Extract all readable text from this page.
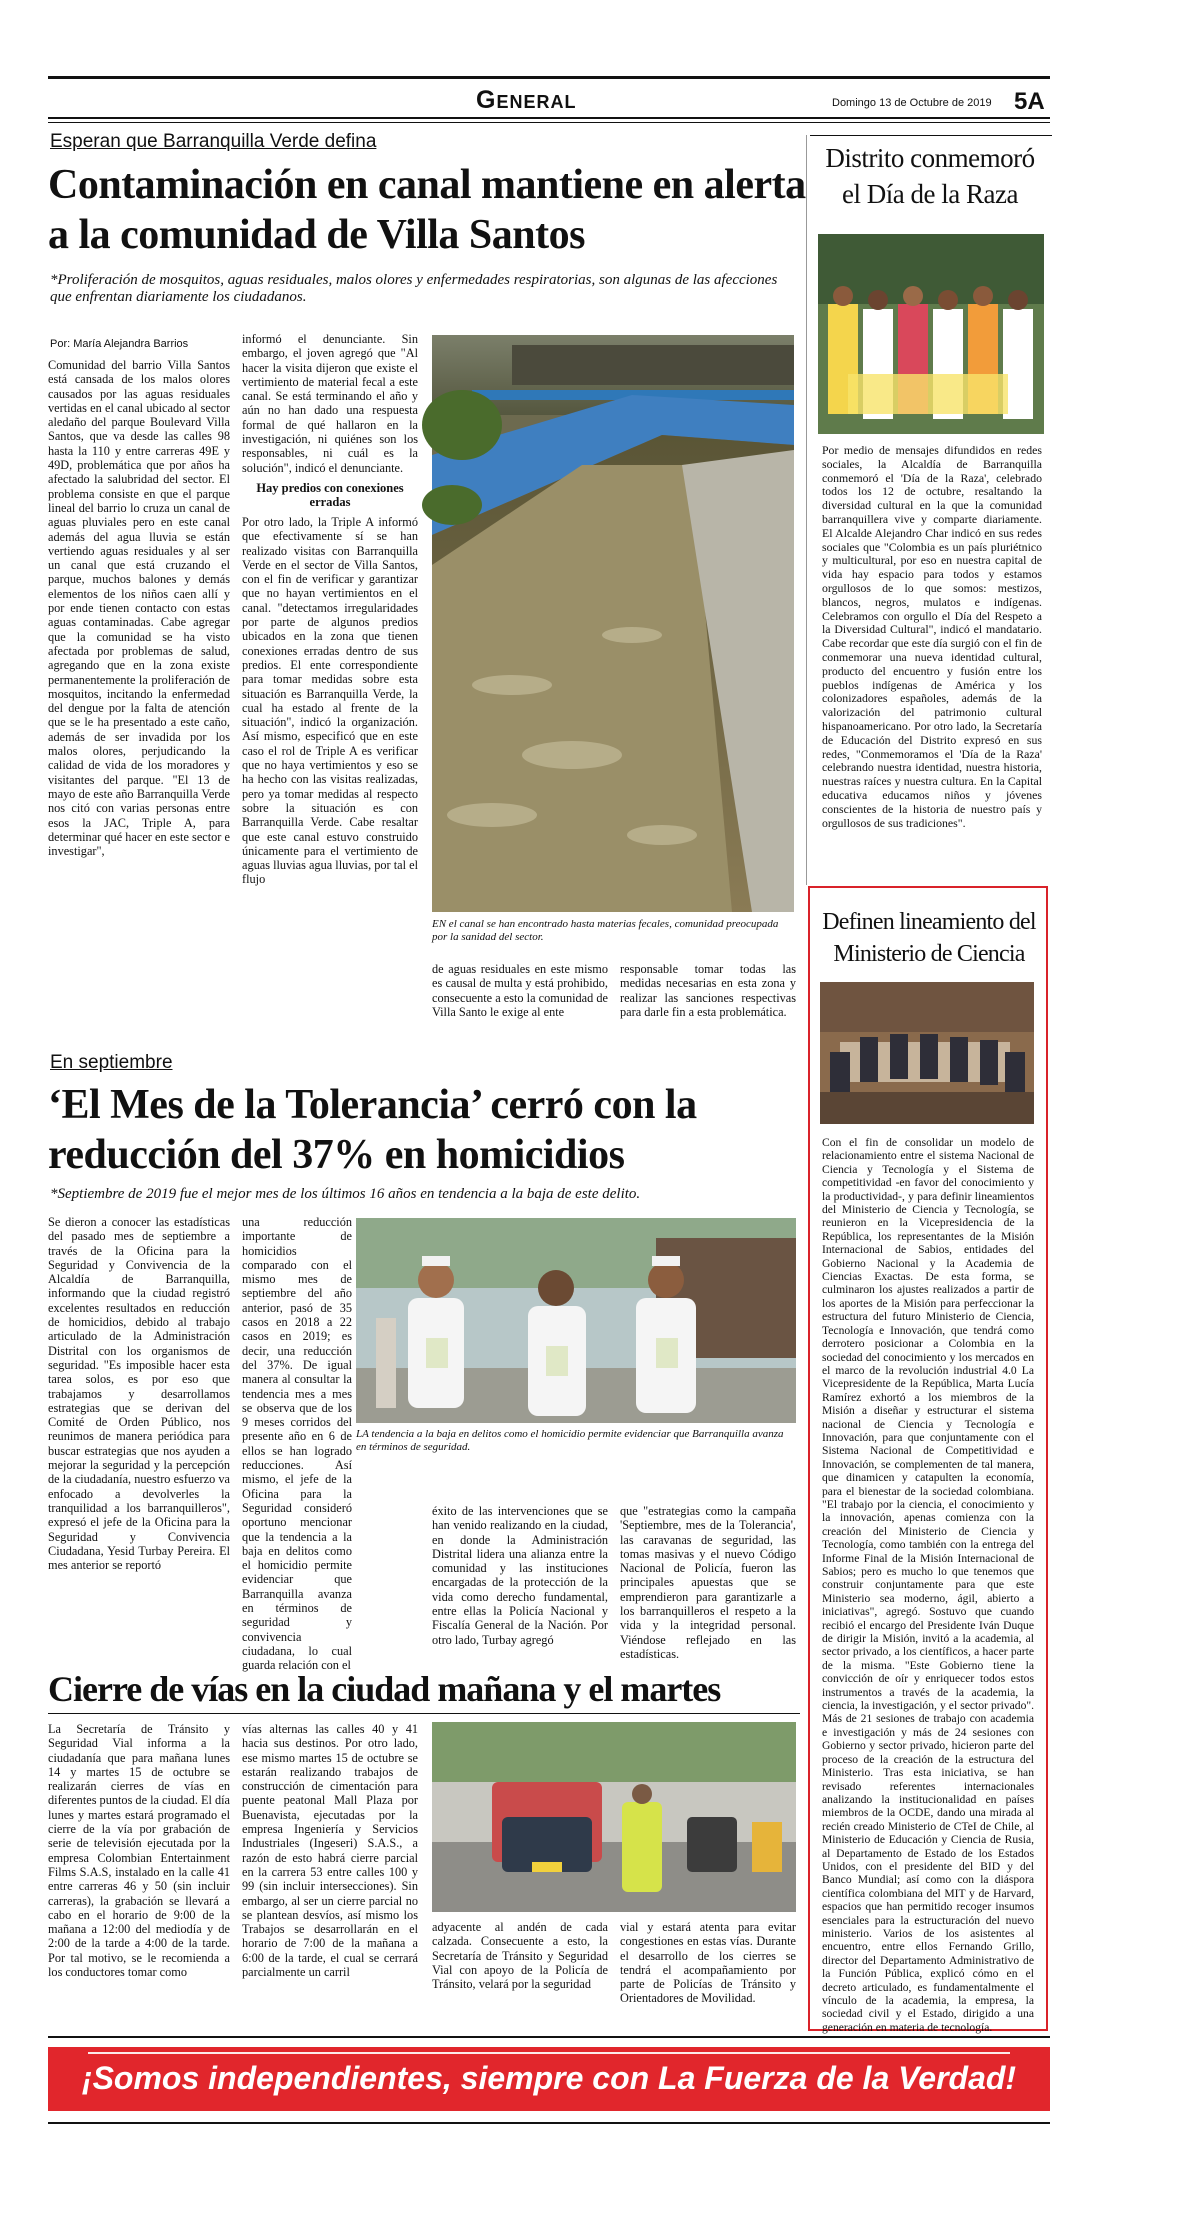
General	Domingo 13 de Octubre de 2019 5A
Esperan que Barranquilla Verde defina
Contaminación en canal mantiene en alerta a la comunidad de Villa Santos
*Proliferación de mosquitos, aguas residuales, malos olores y enfermedades respiratorias, son algunas de las afecciones que enfrentan diariamente los ciudadanos.
Por: María Alejandra Barrios

Comunidad del barrio Villa Santos está cansada de los malos olores causados por las aguas residuales vertidas en el canal ubicado al sector aledaño del parque Boulevard Villa Santos, que va desde las calles 98 hasta la 110 y entre carreras 49E y 49D, problemática que por años ha afectado la salubridad del sector. El problema consiste en que el parque lineal del barrio lo cruza un canal de aguas pluviales pero en este canal además del agua lluvia se están vertiendo aguas residuales y al ser un canal que está cruzando el parque, muchos balones y demás elementos de los niños caen allí y por ende tienen contacto con estas aguas contaminadas. Cabe agregar que la comunidad se ha visto afectada por problemas de salud, agregando que en la zona existe permanentemente la proliferación de mosquitos, incitando la enfermedad del dengue por la falta de atención que se le ha presentado a este caño, además de ser invadida por los malos olores, perjudicando la calidad de vida de los moradores y visitantes del parque. "El 13 de mayo de este año Barranquilla Verde nos citó con varias personas entre esos la JAC, Triple A, para determinar qué hacer en este sector e investigar",

informó el denunciante. Sin embargo, el joven agregó que "Al hacer la visita dijeron que existe el vertimiento de material fecal a este canal. Se está terminando el año y aún no han dado una respuesta formal de qué hallaron en la investigación, ni quiénes son los responsables, ni cuál es la solución", indicó el denunciante.

Hay predios con conexiones erradas

Por otro lado, la Triple A informó que efectivamente sí se han realizado visitas con Barranquilla Verde en el sector de Villa Santos, con el fin de verificar y garantizar que no hayan vertimientos en el canal. "detectamos irregularidades por parte de algunos predios ubicados en la zona que tienen conexiones erradas dentro de sus predios. El ente correspondiente para tomar medidas sobre esta situación es Barranquilla Verde, la cual ha estado al frente de la situación", indicó la organización. Así mismo, especificó que en este caso el rol de Triple A es verificar que no haya vertimientos y eso se ha hecho con las visitas realizadas, pero ya tomar medidas al respecto sobre la situación es con Barranquilla Verde. Cabe resaltar que este canal estuvo construido únicamente para el vertimiento de aguas lluvias agua lluvias, por tal el flujo

EN el canal se han encontrado hasta materias fecales, comunidad preocupada por la sanidad del sector.

de aguas residuales en este mismo es causal de multa y está prohibido, consecuente a esto la comunidad de Villa Santo le exige al ente

responsable tomar todas las medidas necesarias en esta zona y realizar las sanciones respectivas para darle fin a esta problemática.

En septiembre
‘El Mes de la Tolerancia’ cerró con la reducción del 37% en homicidios
*Septiembre de 2019 fue el mejor mes de los últimos 16 años en tendencia a la baja de este delito.

Se dieron a conocer las estadísticas del pasado mes de septiembre a través de la Oficina para la Seguridad y Convivencia de la Alcaldía de Barranquilla, informando que la ciudad registró excelentes resultados en reducción de homicidios, debido al trabajo articulado de la Administración Distrital con los organismos de seguridad. "Es imposible hacer esta tarea solos, es por eso que trabajamos y desarrollamos estrategias que se derivan del Comité de Orden Público, nos reunimos de manera periódica para buscar estrategias que nos ayuden a mejorar la seguridad y la percepción de la ciudadanía, nuestro esfuerzo va enfocado a devolverles la tranquilidad a los barranquilleros", expresó el jefe de la Oficina para la Seguridad y Convivencia Ciudadana, Yesid Turbay Pereira. El mes anterior se reportó

una reducción importante de homicidios comparado con el mismo mes de septiembre del año anterior, pasó de 35 casos en 2018 a 22 casos en 2019; es decir, una reducción del 37%. De igual manera al consultar la tendencia mes a mes se observa que de los 9 meses corridos del presente año en 6 de ellos se han logrado reducciones. Así mismo, el jefe de la Oficina para la Seguridad consideró oportuno mencionar que la tendencia a la baja en delitos como el homicidio permite evidenciar que Barranquilla avanza en términos de seguridad y convivencia ciudadana, lo cual guarda relación con el

LA tendencia a la baja en delitos como el homicidio permite evidenciar que Barranquilla avanza en términos de seguridad.

éxito de las intervenciones que se han venido realizando en la ciudad, en donde la Administración Distrital lidera una alianza entre la comunidad y las instituciones encargadas de la protección de la vida como derecho fundamental, entre ellas la Policía Nacional y Fiscalía General de la Nación. Por otro lado, Turbay agregó

que "estrategias como la campaña 'Septiembre, mes de la Tolerancia', las caravanas de seguridad, las tomas masivas y el nuevo Código Nacional de Policía, fueron las principales apuestas que se emprendieron para garantizarle a los barranquilleros el respeto a la vida y la integridad personal. Viéndose reflejado en las estadísticas.

Cierre de vías en la ciudad mañana y el martes

La Secretaría de Tránsito y Seguridad Vial informa a la ciudadanía que para mañana lunes 14 y martes 15 de octubre se realizarán cierres de vías en diferentes puntos de la ciudad. El día lunes y martes estará programado el cierre de la vía por grabación de serie de televisión ejecutada por la empresa Colombian Entertainment Films S.A.S, instalado en la calle 41 entre carreras 46 y 50 (sin incluir carreras), la grabación se llevará a cabo en el horario de 9:00 de la mañana a 12:00 del mediodía y de 2:00 de la tarde a 4:00 de la tarde. Por tal motivo, se le recomienda a los conductores tomar como

vías alternas las calles 40 y 41 hacia sus destinos. Por otro lado, ese mismo martes 15 de octubre se estarán realizando trabajos de construcción de cimentación para puente peatonal Mall Plaza por Buenavista, ejecutadas por la empresa Ingeniería y Servicios Industriales (Ingeseri) S.A.S., a razón de esto habrá cierre parcial en la carrera 53 entre calles 100 y 99 (sin incluir intersecciones). Sin embargo, al ser un cierre parcial no se plantean desvíos, así mismo los Trabajos se desarrollarán en el horario de 7:00 de la mañana a 6:00 de la tarde, el cual se cerrará parcialmente un carril

adyacente al andén de cada calzada. Consecuente a esto, la Secretaría de Tránsito y Seguridad Vial con apoyo de la Policía de Tránsito, velará por la seguridad

vial y estará atenta para evitar congestiones en estas vías. Durante el desarrollo de los cierres se tendrá el acompañamiento por parte de Policías de Tránsito y Orientadores de Movilidad.

Distrito conmemoró el Día de la Raza

Por medio de mensajes difundidos en redes sociales, la Alcaldía de Barranquilla conmemoró el 'Día de la Raza', celebrado todos los 12 de octubre, resaltando la diversidad cultural en la que la comunidad barranquillera vive y comparte diariamente. El Alcalde Alejandro Char indicó en sus redes sociales que "Colombia es un país pluriétnico y multicultural, por eso en nuestra capital de vida hay espacio para todos y estamos orgullosos de lo que somos: mestizos, blancos, negros, mulatos e indígenas. Celebramos con orgullo el Día del Respeto a la Diversidad Cultural", indicó el mandatario. Cabe recordar que este día surgió con el fin de conmemorar una nueva identidad cultural, producto del encuentro y fusión entre los pueblos indígenas de América y los colonizadores españoles, además de la valorización del patrimonio cultural hispanoamericano. Por otro lado, la Secretaría de Educación del Distrito expresó en sus redes, "Conmemoramos el 'Día de la Raza' celebrando nuestra identidad, nuestra historia, nuestras raíces y nuestra cultura. En la Capital educativa educamos niños y jóvenes conscientes de la historia de nuestro país y orgullosos de sus tradiciones".

Definen lineamiento del Ministerio de Ciencia

Con el fin de consolidar un modelo de relacionamiento entre el sistema Nacional de Ciencia y Tecnología y el Sistema de competitividad -en favor del conocimiento y la productividad-, y para definir lineamientos del Ministerio de Ciencia y Tecnología, se reunieron en la Vicepresidencia de la República, los representantes de la Misión Internacional de Sabios, entidades del Gobierno Nacional y la Academia de Ciencias Exactas. De esta forma, se culminaron los ajustes realizados a partir de los aportes de la Misión para perfeccionar la estructura del futuro Ministerio de Ciencia, Tecnología e Innovación, que tendrá como derrotero posicionar a Colombia en la sociedad del conocimiento y los mercados en el marco de la revolución industrial 4.0 La Vicepresidente de la República, Marta Lucía Ramírez exhortó a los miembros de la Misión a diseñar y estructurar el sistema nacional de Ciencia y Tecnología e Innovación, para que conjuntamente con el Sistema Nacional de Competitividad e Innovación, se complementen de tal manera, que dinamicen y catapulten la economía, para el bienestar de la sociedad colombiana. "El trabajo por la ciencia, el conocimiento y la innovación, apenas comienza con la creación del Ministerio de Ciencia y Tecnología, como también con la entrega del Informe Final de la Misión Internacional de Sabios; pero es mucho lo que tenemos que construir conjuntamente para que este Ministerio sea moderno, ágil, abierto a iniciativas", agregó. Sostuvo que cuando recibió el encargo del Presidente Iván Duque de dirigir la Misión, invitó a la academia, al sector privado, a los científicos, a hacer parte de la misma. "Este Gobierno tiene la convicción de oír y enriquecer todos estos instrumentos a través de la academia, la ciencia, la investigación, y el sector privado". Más de 21 sesiones de trabajo con academia e investigación y más de 24 sesiones con Gobierno y sector privado, hicieron parte del proceso de la creación de la estructura del Ministerio. Tras esta iniciativa, se han revisado referentes internacionales analizando la institucionalidad en países miembros de la OCDE, dando una mirada al recién creado Ministerio de CTeI de Chile, al Ministerio de Educación y Ciencia de Rusia, al Departamento de Estado de los Estados Unidos, con el presidente del BID y del Banco Mundial; así como con la diáspora científica colombiana del MIT y de Harvard, espacios que han permitido recoger insumos esenciales para la estructuración del nuevo ministerio. Varios de los asistentes al encuentro, entre ellos Fernando Grillo, director del Departamento Administrativo de la Función Pública, explicó cómo en el decreto articulado, es fundamentalmente el vínculo de la academia, la empresa, la sociedad civil y el Estado, dirigido a una generación en materia de tecnología.

¡Somos independientes, siempre con La Fuerza de la Verdad!
